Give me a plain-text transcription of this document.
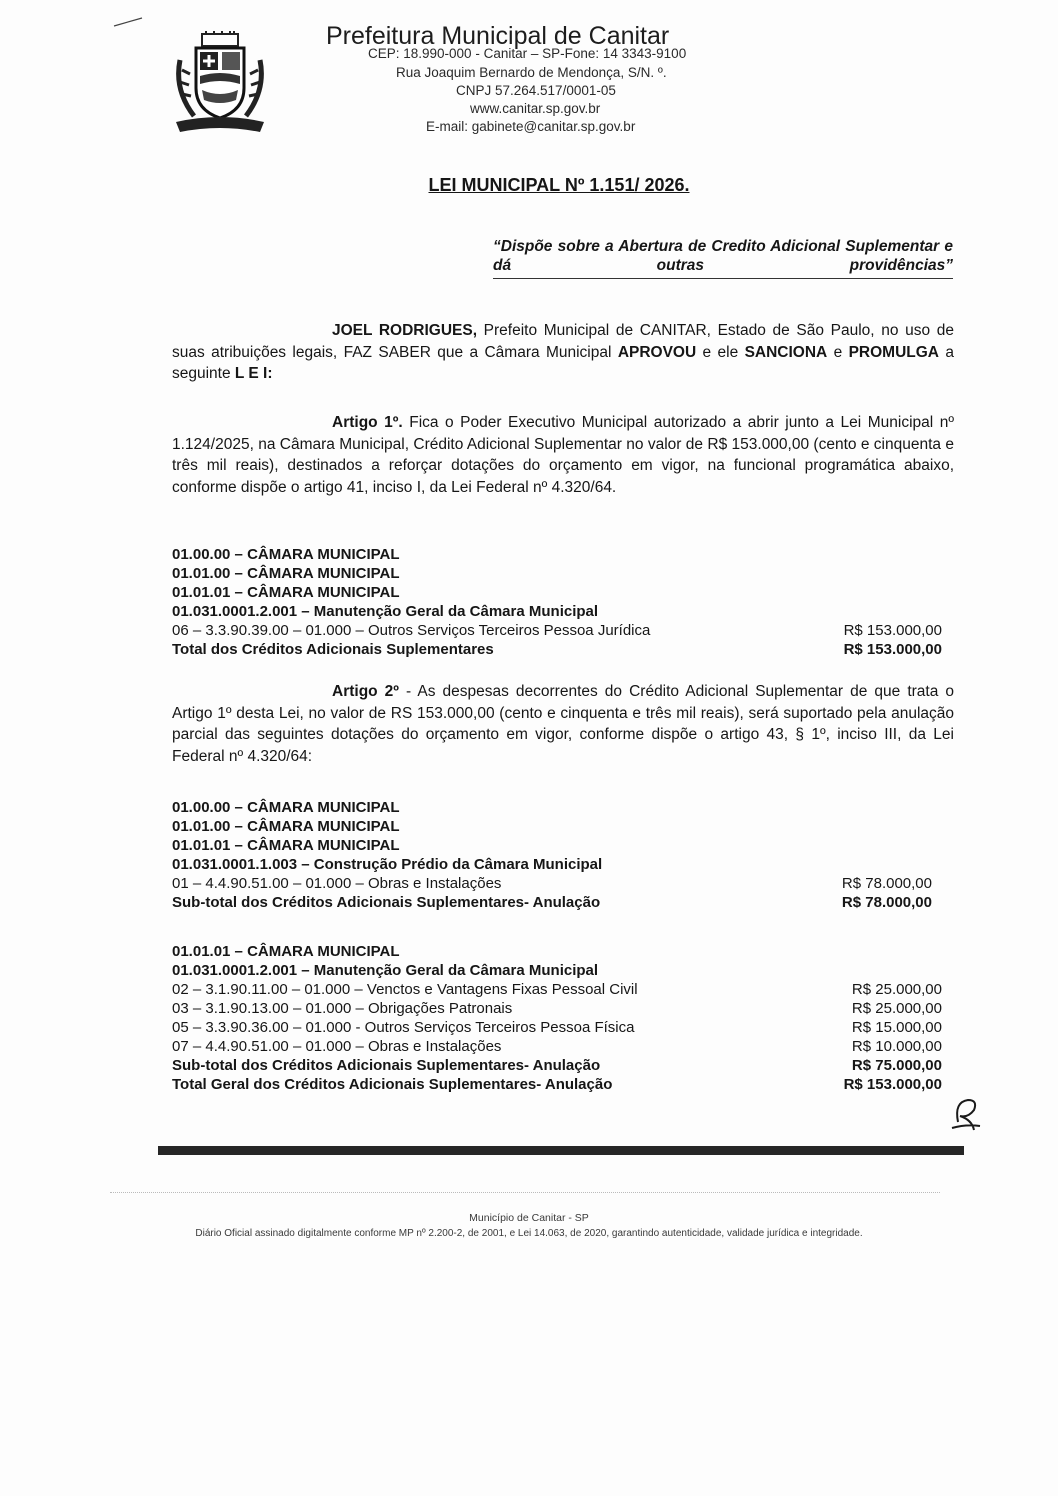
Prefeitura Municipal de Canitar
CEP: 18.990-000 - Canitar – SP-Fone: 14 3343-9100
Rua Joaquim Bernardo de Mendonça, S/N. º.
CNPJ 57.264.517/0001-05
www.canitar.sp.gov.br
E-mail: gabinete@canitar.sp.gov.br
LEI MUNICIPAL Nº 1.151/ 2026.
“Dispõe sobre a Abertura de Credito Adicional Suplementar e dá outras providências”
JOEL RODRIGUES, Prefeito Municipal de CANITAR, Estado de São Paulo, no uso de suas atribuições legais, FAZ SABER que a Câmara Municipal APROVOU e ele SANCIONA e PROMULGA a seguinte L E I:
Artigo 1º. Fica o Poder Executivo Municipal autorizado a abrir junto a Lei Municipal nº 1.124/2025, na Câmara Municipal, Crédito Adicional Suplementar no valor de R$ 153.000,00 (cento e cinquenta e três mil reais), destinados a reforçar dotações do orçamento em vigor, na funcional programática abaixo, conforme dispõe o artigo 41, inciso I, da Lei Federal nº 4.320/64.
01.00.00 – CÂMARA MUNICIPAL
01.01.00 – CÂMARA MUNICIPAL
01.01.01 – CÂMARA MUNICIPAL
01.031.0001.2.001 – Manutenção Geral da Câmara Municipal
06 – 3.3.90.39.00 – 01.000 – Outros Serviços Terceiros Pessoa Jurídica	R$ 153.000,00
Total dos Créditos Adicionais Suplementares	R$ 153.000,00
Artigo 2º - As despesas decorrentes do Crédito Adicional Suplementar de que trata o Artigo 1º desta Lei, no valor de RS 153.000,00 (cento e cinquenta e três mil reais), será suportado pela anulação parcial das seguintes dotações do orçamento em vigor, conforme dispõe o artigo 43, § 1º, inciso III, da Lei Federal nº 4.320/64:
01.00.00 – CÂMARA MUNICIPAL
01.01.00 – CÂMARA MUNICIPAL
01.01.01 – CÂMARA MUNICIPAL
01.031.0001.1.003 – Construção Prédio da Câmara Municipal
01 – 4.4.90.51.00 – 01.000 – Obras e Instalações	R$ 78.000,00
Sub-total dos Créditos Adicionais Suplementares- Anulação	R$ 78.000,00
01.01.01 – CÂMARA MUNICIPAL
01.031.0001.2.001 – Manutenção Geral da Câmara Municipal
02 – 3.1.90.11.00 – 01.000 – Venctos e Vantagens Fixas Pessoal Civil	R$ 25.000,00
03 – 3.1.90.13.00 – 01.000 – Obrigações Patronais	R$ 25.000,00
05 – 3.3.90.36.00 – 01.000 - Outros Serviços Terceiros Pessoa Física	R$ 15.000,00
07 – 4.4.90.51.00 – 01.000 – Obras e Instalações	R$ 10.000,00
Sub-total dos Créditos Adicionais Suplementares- Anulação	R$ 75.000,00
Total Geral dos Créditos Adicionais Suplementares- Anulação	R$ 153.000,00
Município de Canitar - SP
Diário Oficial assinado digitalmente conforme MP nº 2.200-2, de 2001, e Lei 14.063, de 2020, garantindo autenticidade, validade jurídica e integridade.
